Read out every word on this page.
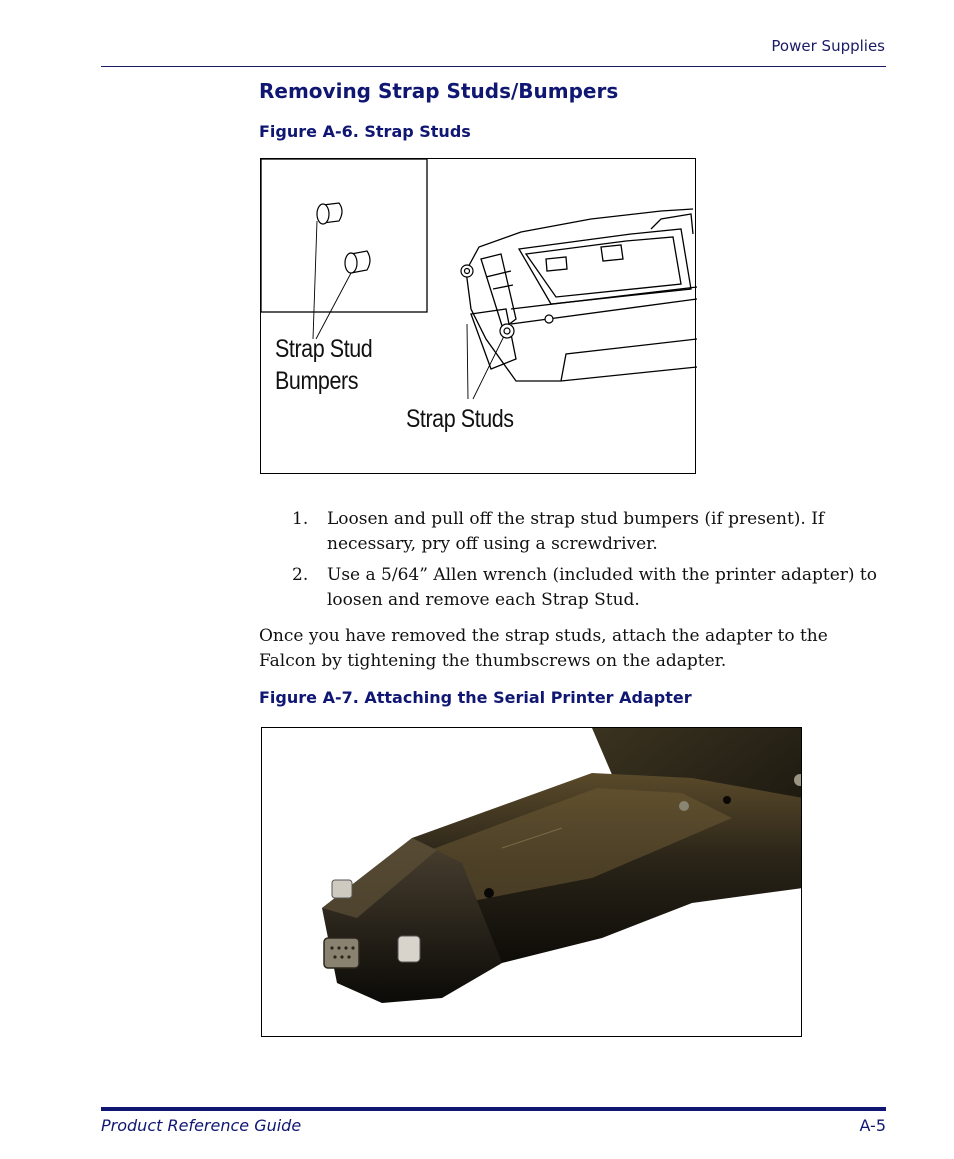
Power Supplies
Removing Strap Studs/Bumpers
Figure A-6. Strap Studs
Strap Stud
Bumpers
Strap Studs
1.	Loosen and pull off the strap stud bumpers (if present). If necessary, pry off using a screwdriver.
2.	Use a 5/64” Allen wrench (included with the printer adapter) to loosen and remove each Strap Stud.
Once you have removed the strap studs, attach the adapter to the Falcon by tightening the thumbscrews on the adapter.
Figure A-7. Attaching the Serial Printer Adapter
Product Reference Guide	A-5
